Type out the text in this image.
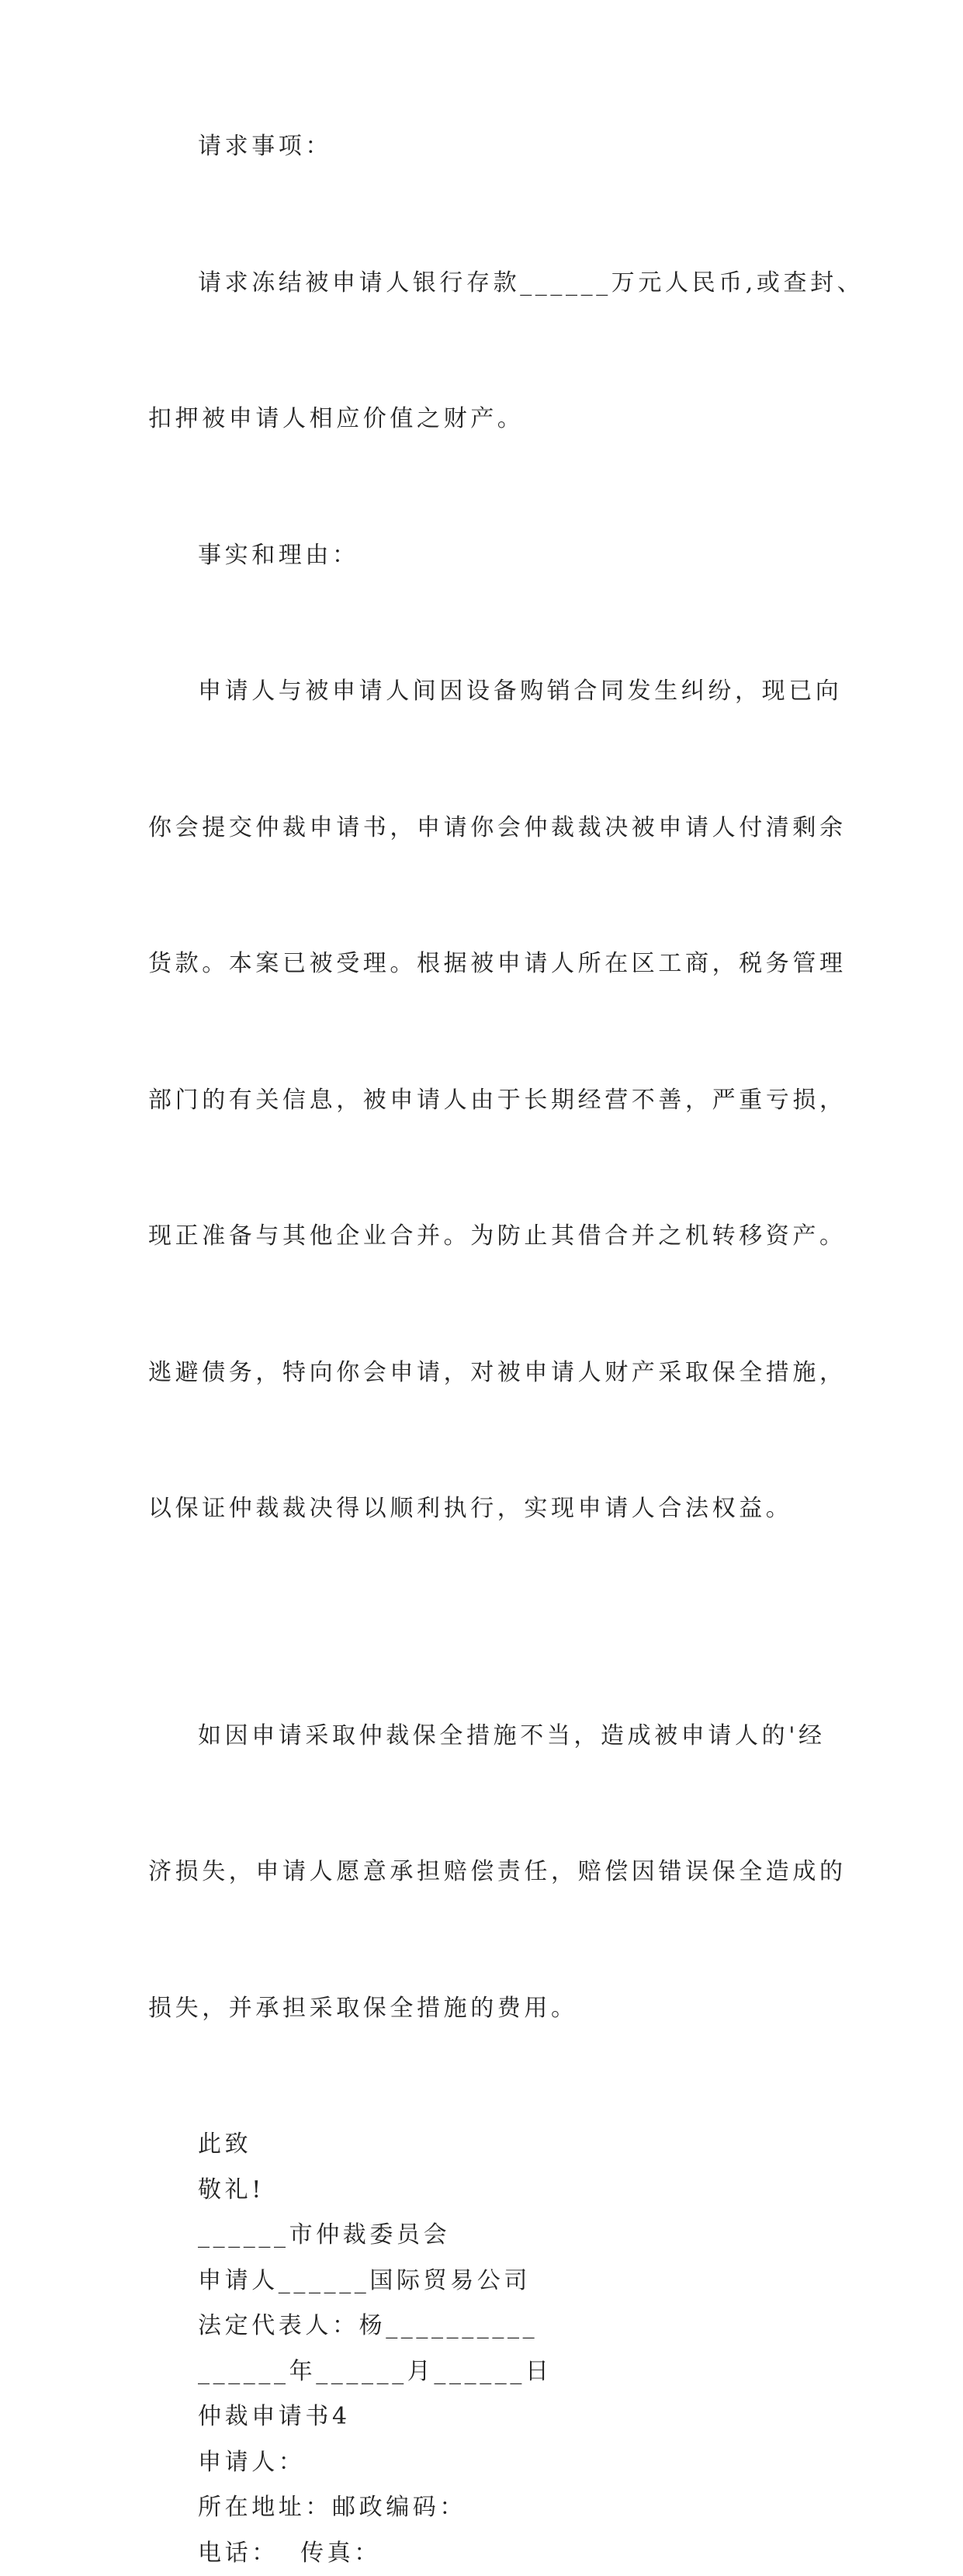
请求事项：

请求冻结被申请人银行存款______万元人民币,或查封、

扣押被申请人相应价值之财产。

事实和理由：

申请人与被申请人间因设备购销合同发生纠纷，现已向

你会提交仲裁申请书，申请你会仲裁裁决被申请人付清剩余

货款。本案已被受理。根据被申请人所在区工商，税务管理

部门的有关信息，被申请人由于长期经营不善，严重亏损，

现正准备与其他企业合并。为防止其借合并之机转移资产。

逃避债务，特向你会申请，对被申请人财产采取保全措施，

以保证仲裁裁决得以顺利执行，实现申请人合法权益。

如因申请采取仲裁保全措施不当，造成被申请人的'经

济损失，申请人愿意承担赔偿责任，赔偿因错误保全造成的

损失，并承担采取保全措施的费用。

此致

敬礼!

______市仲裁委员会

申请人______国际贸易公司

法定代表人：杨__________

______年______月______日

仲裁申请书4

申请人：

所在地址：邮政编码：

电话：  传真：
